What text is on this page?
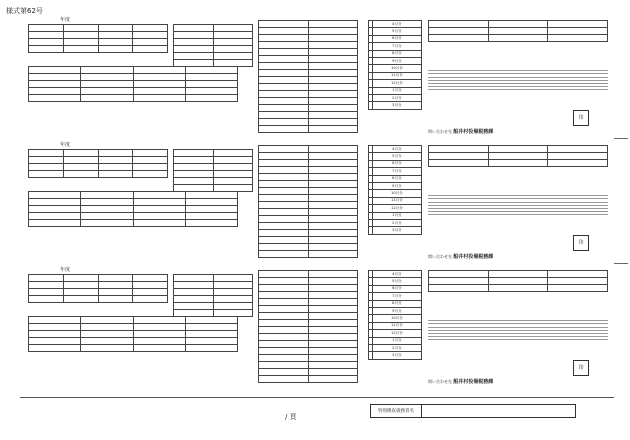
様式第62号
年度

	4月分
	5月分
	6月分
	7月分
	8月分
	9月分
	10月分
	11月分
	12月分
	1月分
	2月分
	3月分

印
問い合わせ先 船井村役場税務課
年度

	4月分
	5月分
	6月分
	7月分
	8月分
	9月分
	10月分
	11月分
	12月分
	1月分
	2月分
	3月分

印
問い合わせ先 船井村役場税務課
年度

	4月分
	5月分
	6月分
	7月分
	8月分
	9月分
	10月分
	11月分
	12月分
	1月分
	2月分
	3月分

印
問い合わせ先 船井村役場税務課
/ 頁
特別徴収義務者名
